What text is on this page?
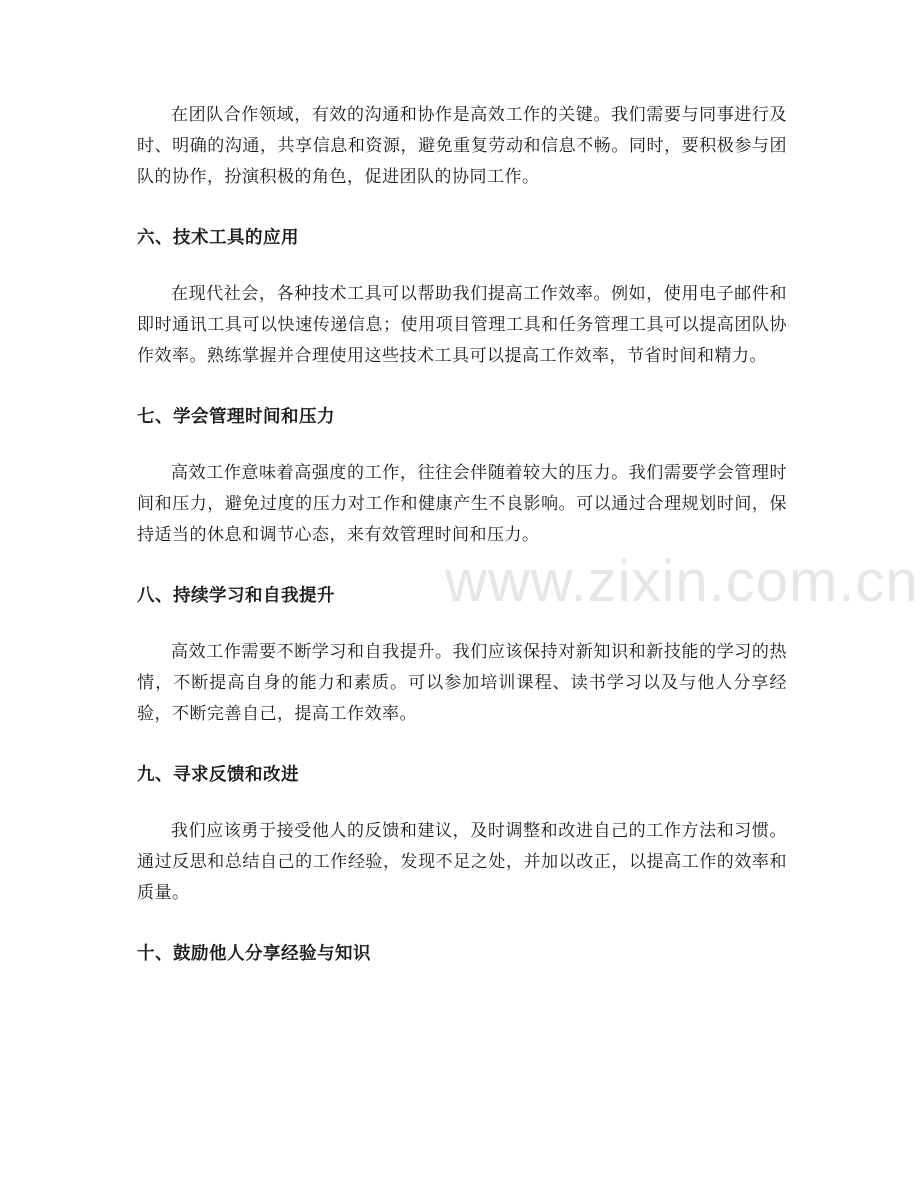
www.zixin.com.cn

在团队合作领域，有效的沟通和协作是高效工作的关键。我们需要与同事进行及时、明确的沟通，共享信息和资源，避免重复劳动和信息不畅。同时，要积极参与团队的协作，扮演积极的角色，促进团队的协同工作。

六、技术工具的应用

在现代社会，各种技术工具可以帮助我们提高工作效率。例如，使用电子邮件和即时通讯工具可以快速传递信息；使用项目管理工具和任务管理工具可以提高团队协作效率。熟练掌握并合理使用这些技术工具可以提高工作效率，节省时间和精力。

七、学会管理时间和压力

高效工作意味着高强度的工作，往往会伴随着较大的压力。我们需要学会管理时间和压力，避免过度的压力对工作和健康产生不良影响。可以通过合理规划时间，保持适当的休息和调节心态，来有效管理时间和压力。

八、持续学习和自我提升

高效工作需要不断学习和自我提升。我们应该保持对新知识和新技能的学习的热情，不断提高自身的能力和素质。可以参加培训课程、读书学习以及与他人分享经验，不断完善自己，提高工作效率。

九、寻求反馈和改进

我们应该勇于接受他人的反馈和建议，及时调整和改进自己的工作方法和习惯。通过反思和总结自己的工作经验，发现不足之处，并加以改正，以提高工作的效率和质量。

十、鼓励他人分享经验与知识
